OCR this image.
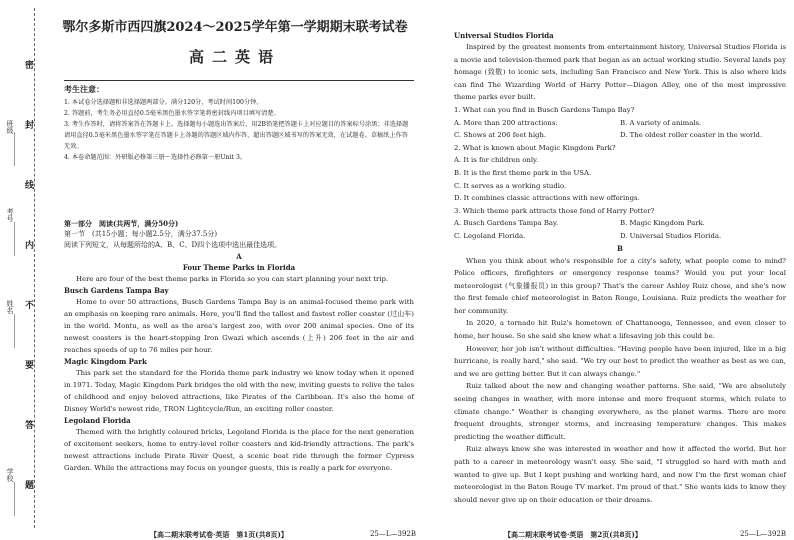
班级
考号
姓名
学校
密
封
线
内
不
要
答
题
鄂尔多斯市西四旗2024～2025学年第一学期期末联考试卷
高二英语

考生注意：

1. 本试卷分选择题和非选择题两部分。满分120分，考试时间100分钟。

2. 答题前，考生务必用直径0.5毫米黑色墨水签字笔将密封线内项目填写清楚。

3. 考生作答时，请将答案答在答题卡上。选择题每小题选出答案后，用2B铅笔把答题卡上对应题目的答案标号涂黑；非选择题请用直径0.5毫米黑色墨水签字笔在答题卡上各题的答题区域内作答，超出答题区域书写的答案无效，在试题卷、草稿纸上作答无效。

4. 本卷命题范围：外研版必修第三册～选择性必修第一册Unit 3。

第一部分　阅读(共两节，满分50分)

第一节　(共15小题；每小题2.5分，满分37.5分)

阅读下列短文，从每题所给的A、B、C、D四个选项中选出最佳选项。

A

Four Theme Parks in Florida

Here are four of the best theme parks in Florida so you can start planning your next trip.

Busch Gardens Tampa Bay

Home to over 50 attractions, Busch Gardens Tampa Bay is an animal-focused theme park with an emphasis on keeping rare animals. Here, you'll find the tallest and fastest roller coaster (过山车) in the world. Montu, as well as the area's largest zoo, with over 200 animal species. One of its newest coasters is the heart-stopping Iron Gwazi which ascends (上升) 206 feet in the air and reaches speeds of up to 76 miles per hour.

Magic Kingdom Park

This park set the standard for the Florida theme park industry we know today when it opened in 1971. Today, Magic Kingdom Park bridges the old with the new, inviting guests to relive the tales of childhood and enjoy beloved attractions, like Pirates of the Caribbean. It's also the home of Disney World's newest ride, TRON Lightcycle/Run, an exciting roller coaster.

Legoland Florida

Themed with the brightly coloured bricks, Legoland Florida is the place for the next generation of excitement seekers, home to entry-level roller coasters and kid-friendly attractions. The park's newest attractions include Pirate River Quest, a scenic boat ride through the former Cypress Garden. While the attractions may focus on younger guests, this is really a park for everyone.

【高二期末联考试卷·英语　第1页(共8页)】	25—L—392B

Universal Studios Florida

Inspired by the greatest moments from entertainment history, Universal Studios Florida is a movie and television-themed park that began as an actual working studio. Several lands pay homage (致敬) to iconic sets, including San Francisco and New York. This is also where kids can find The Wizarding World of Harry Potter—Diagon Alley, one of the most impressive theme parks ever built.

1. What can you find in Busch Gardens Tampa Bay?

A. More than 200 attractions.	B. A variety of animals.
C. Shows at 206 feet high.	D. The oldest roller coaster in the world.

2. What is known about Magic Kingdom Park?

A. It is for children only.

B. It is the first theme park in the USA.

C. It serves as a working studio.

D. It combines classic attractions with new offerings.

3. Which theme park attracts those fond of Harry Potter?

A. Busch Gardens Tampa Bay.	B. Magic Kingdom Park.
C. Legoland Florida.	D. Universal Studios Florida.

B

When you think about who's responsible for a city's safety, what people come to mind? Police officers, firefighters or emergency response teams? Would you put your local meteorologist (气象播报员) in this group? That's the career Ashley Ruiz chose, and she's now the first female chief meteorologist in Baton Rouge, Louisiana. Ruiz predicts the weather for her community.

In 2020, a tornado hit Ruiz's hometown of Chattanooga, Tennessee, and even closer to home, her house. So she said she knew what a lifesaving job this could be.

However, her job isn't without difficulties. "Having people have been injured, like in a big hurricane, is really hard," she said. "We try our best to predict the weather as best as we can, and we are getting better. But it can always change."

Ruiz talked about the new and changing weather patterns. She said, "We are absolutely seeing changes in weather, with more intense and more frequent storms, which relate to climate change." Weather is changing everywhere, as the planet warms. There are more frequent droughts, stronger storms, and increasing temperature changes. This makes predicting the weather difficult.

Ruiz always knew she was interested in weather and how it affected the world. But her path to a career in meteorology wasn't easy. She said, "I struggled so hard with math and wanted to give up. But I kept pushing and working hard, and now I'm the first woman chief meteorologist in the Baton Rouge TV market. I'm proud of that." She wants kids to know they should never give up on their education or their dreams.

【高二期末联考试卷·英语　第2页(共8页)】	25—L—392B
